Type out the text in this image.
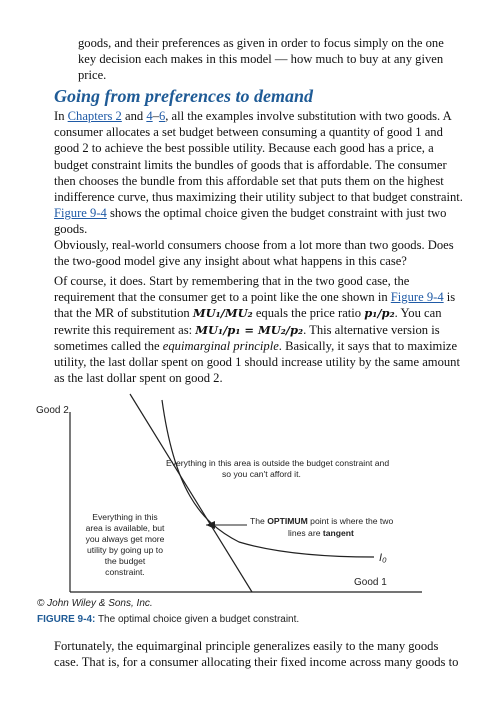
goods, and their preferences as given in order to focus simply on the one key decision each makes in this model — how much to buy at any given price.

Going from preferences to demand

In Chapters 2 and 4–6, all the examples involve substitution with two goods. A consumer allocates a set budget between consuming a quantity of good 1 and good 2 to achieve the best possible utility. Because each good has a price, a budget constraint limits the bundles of goods that is affordable. The consumer then chooses the bundle from this affordable set that puts them on the highest indifference curve, thus maximizing their utility subject to that budget constraint. Figure 9-4 shows the optimal choice given the budget constraint with just two goods.

Obviously, real-world consumers choose from a lot more than two goods. Does the two-good model give any insight about what happens in this case?

Of course, it does. Start by remembering that in the two good case, the requirement that the consumer get to a point like the one shown in Figure 9-4 is that the MR of substitution MU₁/MU₂ equals the price ratio p₁/p₂. You can rewrite this requirement as: MU₁/p₁ = MU₂/p₂. This alternative version is sometimes called the equimarginal principle. Basically, it says that to maximize utility, the last dollar spent on good 1 should increase utility by the same amount as the last dollar spent on good 2.

Good 2
Good 1
I₀
Everything in this area is outside the budget constraint and
so you can't afford it.
Everything in this
area is available, but
you always get more
utility by going up to
the budget
constraint.
The OPTIMUM point is where the two
lines are tangent
© John Wiley & Sons, Inc.
FIGURE 9-4: The optimal choice given a budget constraint.

Fortunately, the equimarginal principle generalizes easily to the many goods case. That is, for a consumer allocating their fixed income across many goods to
